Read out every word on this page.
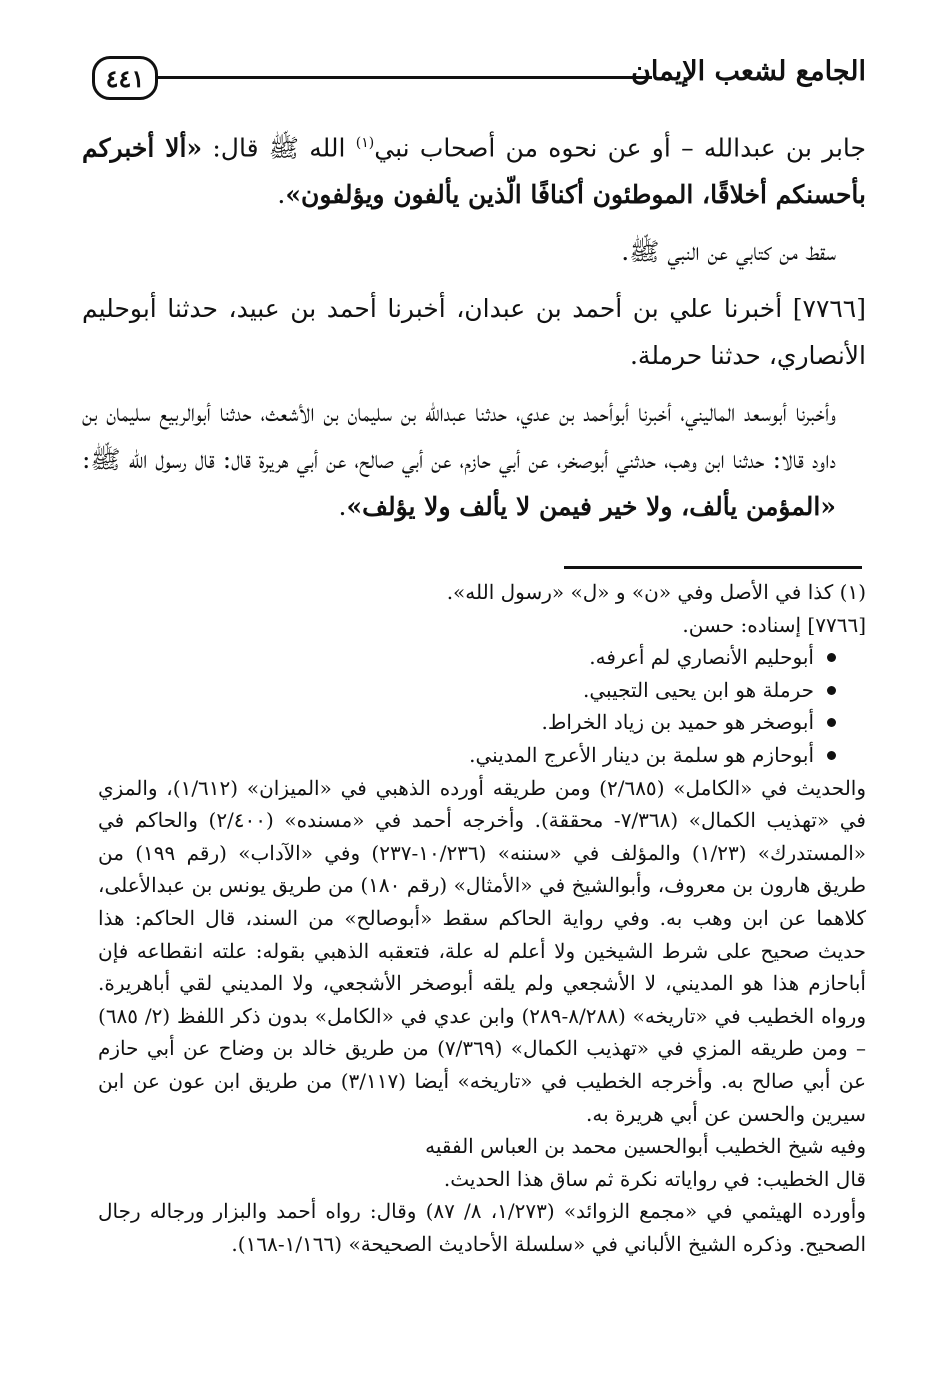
٤٤١	الجامع لشعب الإيمان

جابر بن عبدالله – أو عن نحوه من أصحاب نبي$^{(١)}$ الله ﷺ قال: «ألا أخبركم بأحسنكم أخلاقًا، الموطئون أكنافًا الّذين يألفون ويؤلفون».

سقط من كتابي عن النبي ﷺ.

[٧٧٦٦] أخبرنا علي بن أحمد بن عبدان، أخبرنا أحمد بن عبيد، حدثنا أبوحليم الأنصاري، حدثنا حرملة.

وأخبرنا أبوسعد الماليني، أخبرنا أبوأحمد بن عدي، حدثنا عبدالله بن سليمان بن الأشعث، حدثنا أبوالربيع سليمان بن داود قالا: حدثنا ابن وهب، حدثني أبوصخر، عن أبي حازم، عن أبي صالح، عن أبي هريرة قال: قال رسول الله ﷺ: «المؤمن يألف، ولا خير فيمن لا يألف ولا يؤلف».

(١) كذا في الأصل وفي «ن» و «ل» «رسول الله».

[٧٧٦٦] إسناده: حسن.

أبوحليم الأنصاري لم أعرفه.
حرملة هو ابن يحيى التجيبي.
أبوصخر هو حميد بن زياد الخراط.
أبوحازم هو سلمة بن دينار الأعرج المديني.

والحديث في «الكامل» (٢/٦٨٥) ومن طريقه أورده الذهبي في «الميزان» (١/٦١٢)، والمزي في «تهذيب الكمال» (٧/٣٦٨- محققة). وأخرجه أحمد في «مسنده» (٢/٤٠٠) والحاكم في «المستدرك» (١/٢٣) والمؤلف في «سننه» (١٠/٢٣٦-٢٣٧) وفي «الآداب» (رقم ١٩٩) من طريق هارون بن معروف، وأبوالشيخ في «الأمثال» (رقم ١٨٠) من طريق يونس بن عبدالأعلى، كلاهما عن ابن وهب به. وفي رواية الحاكم سقط «أبوصالح» من السند، قال الحاكم: هذا حديث صحيح على شرط الشيخين ولا أعلم له علة، فتعقبه الذهبي بقوله: علته انقطاعه فإن أباحازم هذا هو المديني، لا الأشجعي ولم يلقه أبوصخر الأشجعي، ولا المديني لقي أباهريرة. ورواه الخطيب في «تاريخه» (٨/٢٨٨-٢٨٩) وابن عدي في «الكامل» بدون ذكر اللفظ (٢/ ٦٨٥) – ومن طريقه المزي في «تهذيب الكمال» (٧/٣٦٩) من طريق خالد بن وضاح عن أبي حازم عن أبي صالح به. وأخرجه الخطيب في «تاريخه» أيضا (٣/١١٧) من طريق ابن عون عن ابن سيرين والحسن عن أبي هريرة به.

وفيه شيخ الخطيب أبوالحسين محمد بن العباس الفقيه

قال الخطيب: في رواياته نكرة ثم ساق هذا الحديث.

وأورده الهيثمي في «مجمع الزوائد» (١/٢٧٣، ٨/ ٨٧) وقال: رواه أحمد والبزار ورجاله رجال الصحيح. وذكره الشيخ الألباني في «سلسلة الأحاديث الصحيحة» (١/١٦٦-١٦٨).
